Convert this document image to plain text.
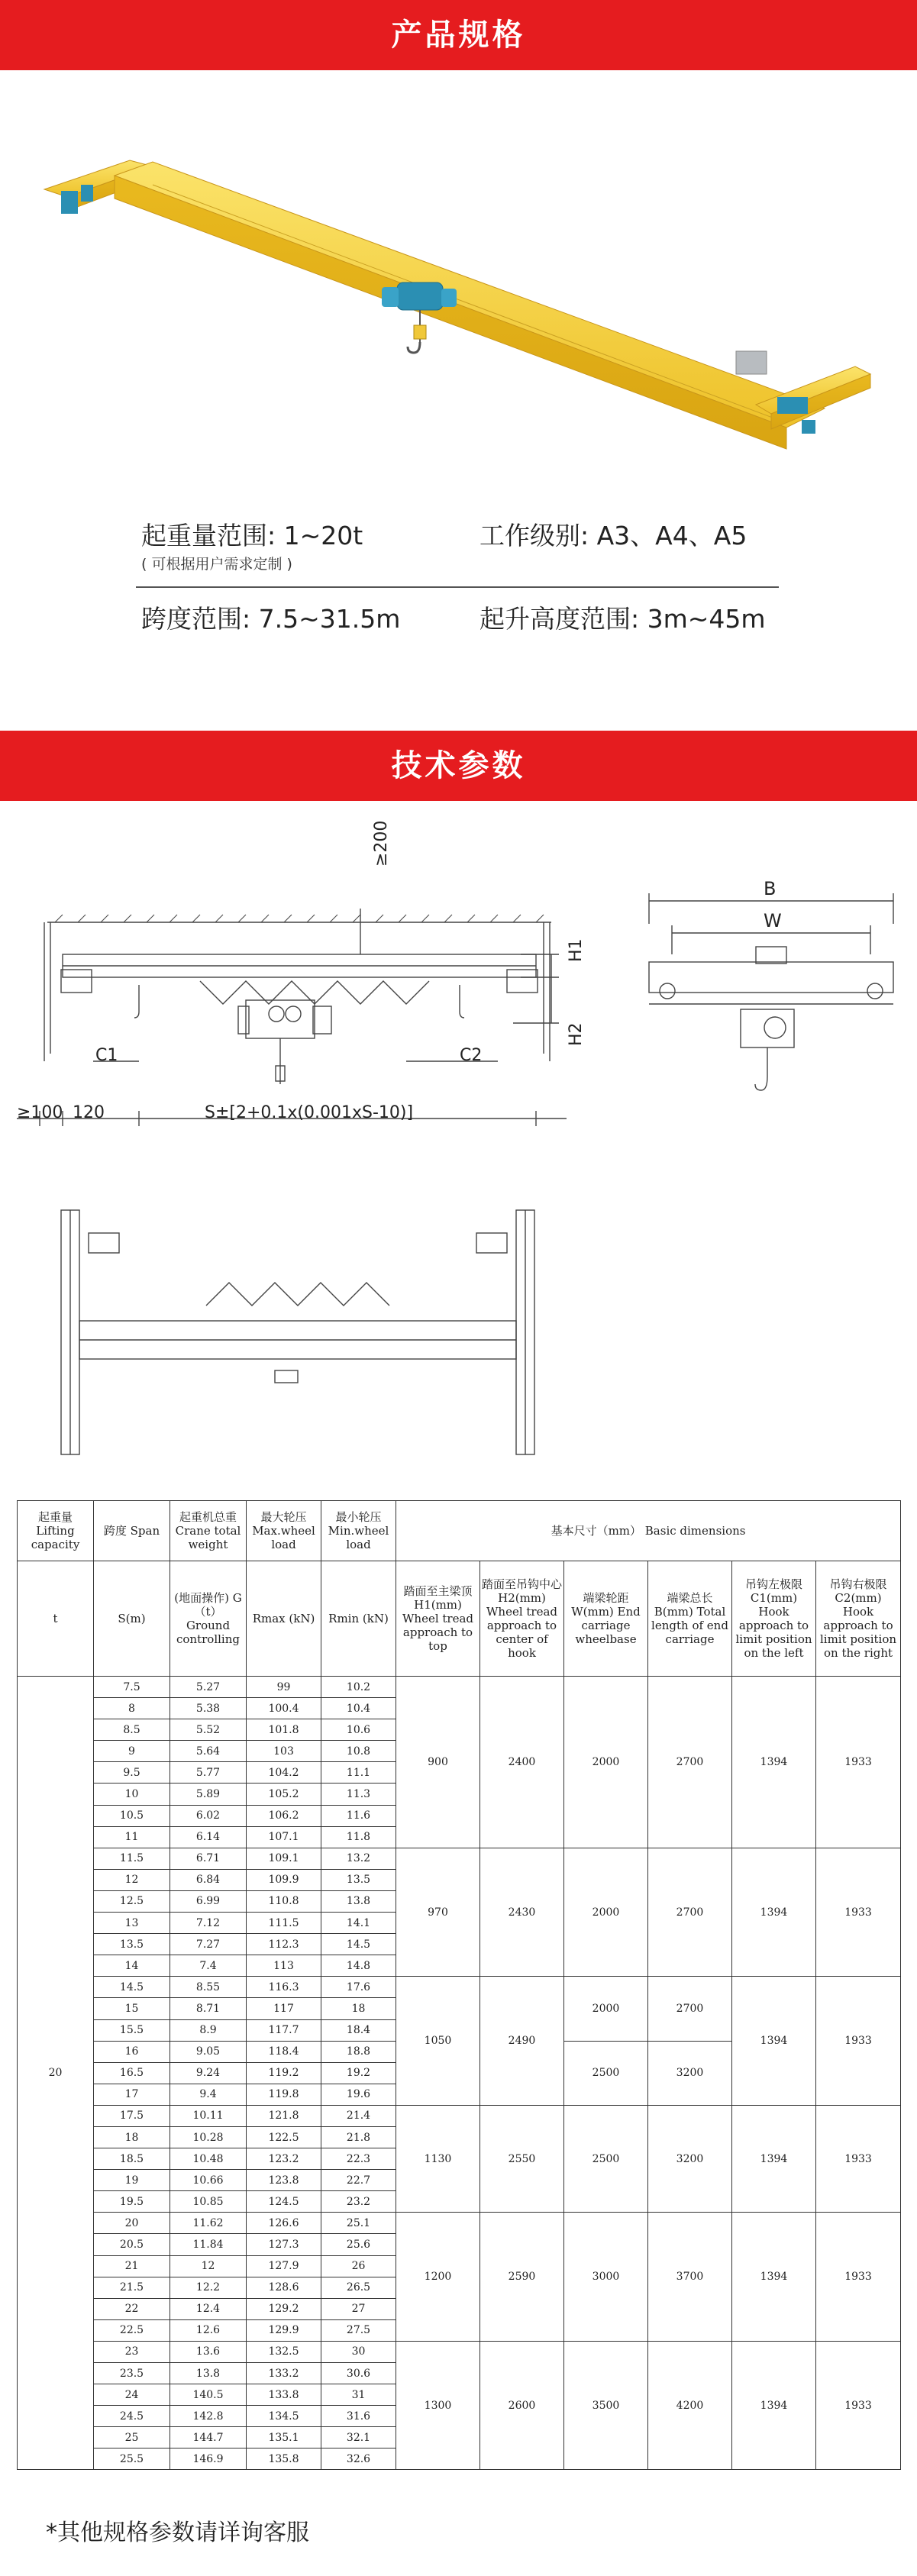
产品规格
起重量范围: 1~20t
( 可根据用户需求定制 )
工作级别: A3、A4、A5
跨度范围: 7.5~31.5m	起升高度范围: 3m~45m
技术参数
≥200
H1
H2
C1	C2
≥100 120	S±[2+0.1x(0.001xS-10)]
B
W
起重量 Lifting capacity	跨度 Span	起重机总重 Crane total weight	最大轮压 Max.wheel load	最小轮压 Min.wheel load	基本尺寸（mm） Basic dimensions					
t	S(m)	(地面操作) G（t） Ground controlling	Rmax (kN)	Rmin (kN)	踏面至主梁顶 H1(mm) Wheel tread approach to top	踏面至吊钩中心 H2(mm) Wheel tread approach to center of hook	端梁轮距 W(mm) End carriage wheelbase	端梁总长 B(mm) Total length of end carriage	吊钩左极限 C1(mm) Hook approach to limit position on the left	吊钩右极限 C2(mm) Hook approach to limit position on the right
20	7.5	5.27	99	10.2	900	2400	2000	2700	1394	1933
	8	5.38	100.4	10.4						
	8.5	5.52	101.8	10.6						
	9	5.64	103	10.8						
	9.5	5.77	104.2	11.1						
	10	5.89	105.2	11.3						
	10.5	6.02	106.2	11.6						
	11	6.14	107.1	11.8						
	11.5	6.71	109.1	13.2	970	2430	2000	2700	1394	1933
	12	6.84	109.9	13.5						
	12.5	6.99	110.8	13.8						
	13	7.12	111.5	14.1						
	13.5	7.27	112.3	14.5						
	14	7.4	113	14.8						
	14.5	8.55	116.3	17.6	1050	2490	2000	2700	1394	1933
	15	8.71	117	18						
	15.5	8.9	117.7	18.4						
	16	9.05	118.4	18.8			2500	3200		
	16.5	9.24	119.2	19.2						
	17	9.4	119.8	19.6						
	17.5	10.11	121.8	21.4	1130	2550	2500	3200	1394	1933
	18	10.28	122.5	21.8						
	18.5	10.48	123.2	22.3						
	19	10.66	123.8	22.7						
	19.5	10.85	124.5	23.2						
	20	11.62	126.6	25.1	1200	2590	3000	3700	1394	1933
	20.5	11.84	127.3	25.6						
	21	12	127.9	26						
	21.5	12.2	128.6	26.5						
	22	12.4	129.2	27						
	22.5	12.6	129.9	27.5						
	23	13.6	132.5	30	1300	2600	3500	4200	1394	1933
	23.5	13.8	133.2	30.6						
	24	140.5	133.8	31						
	24.5	142.8	134.5	31.6						
	25	144.7	135.1	32.1						
	25.5	146.9	135.8	32.6						
*其他规格参数请详询客服
